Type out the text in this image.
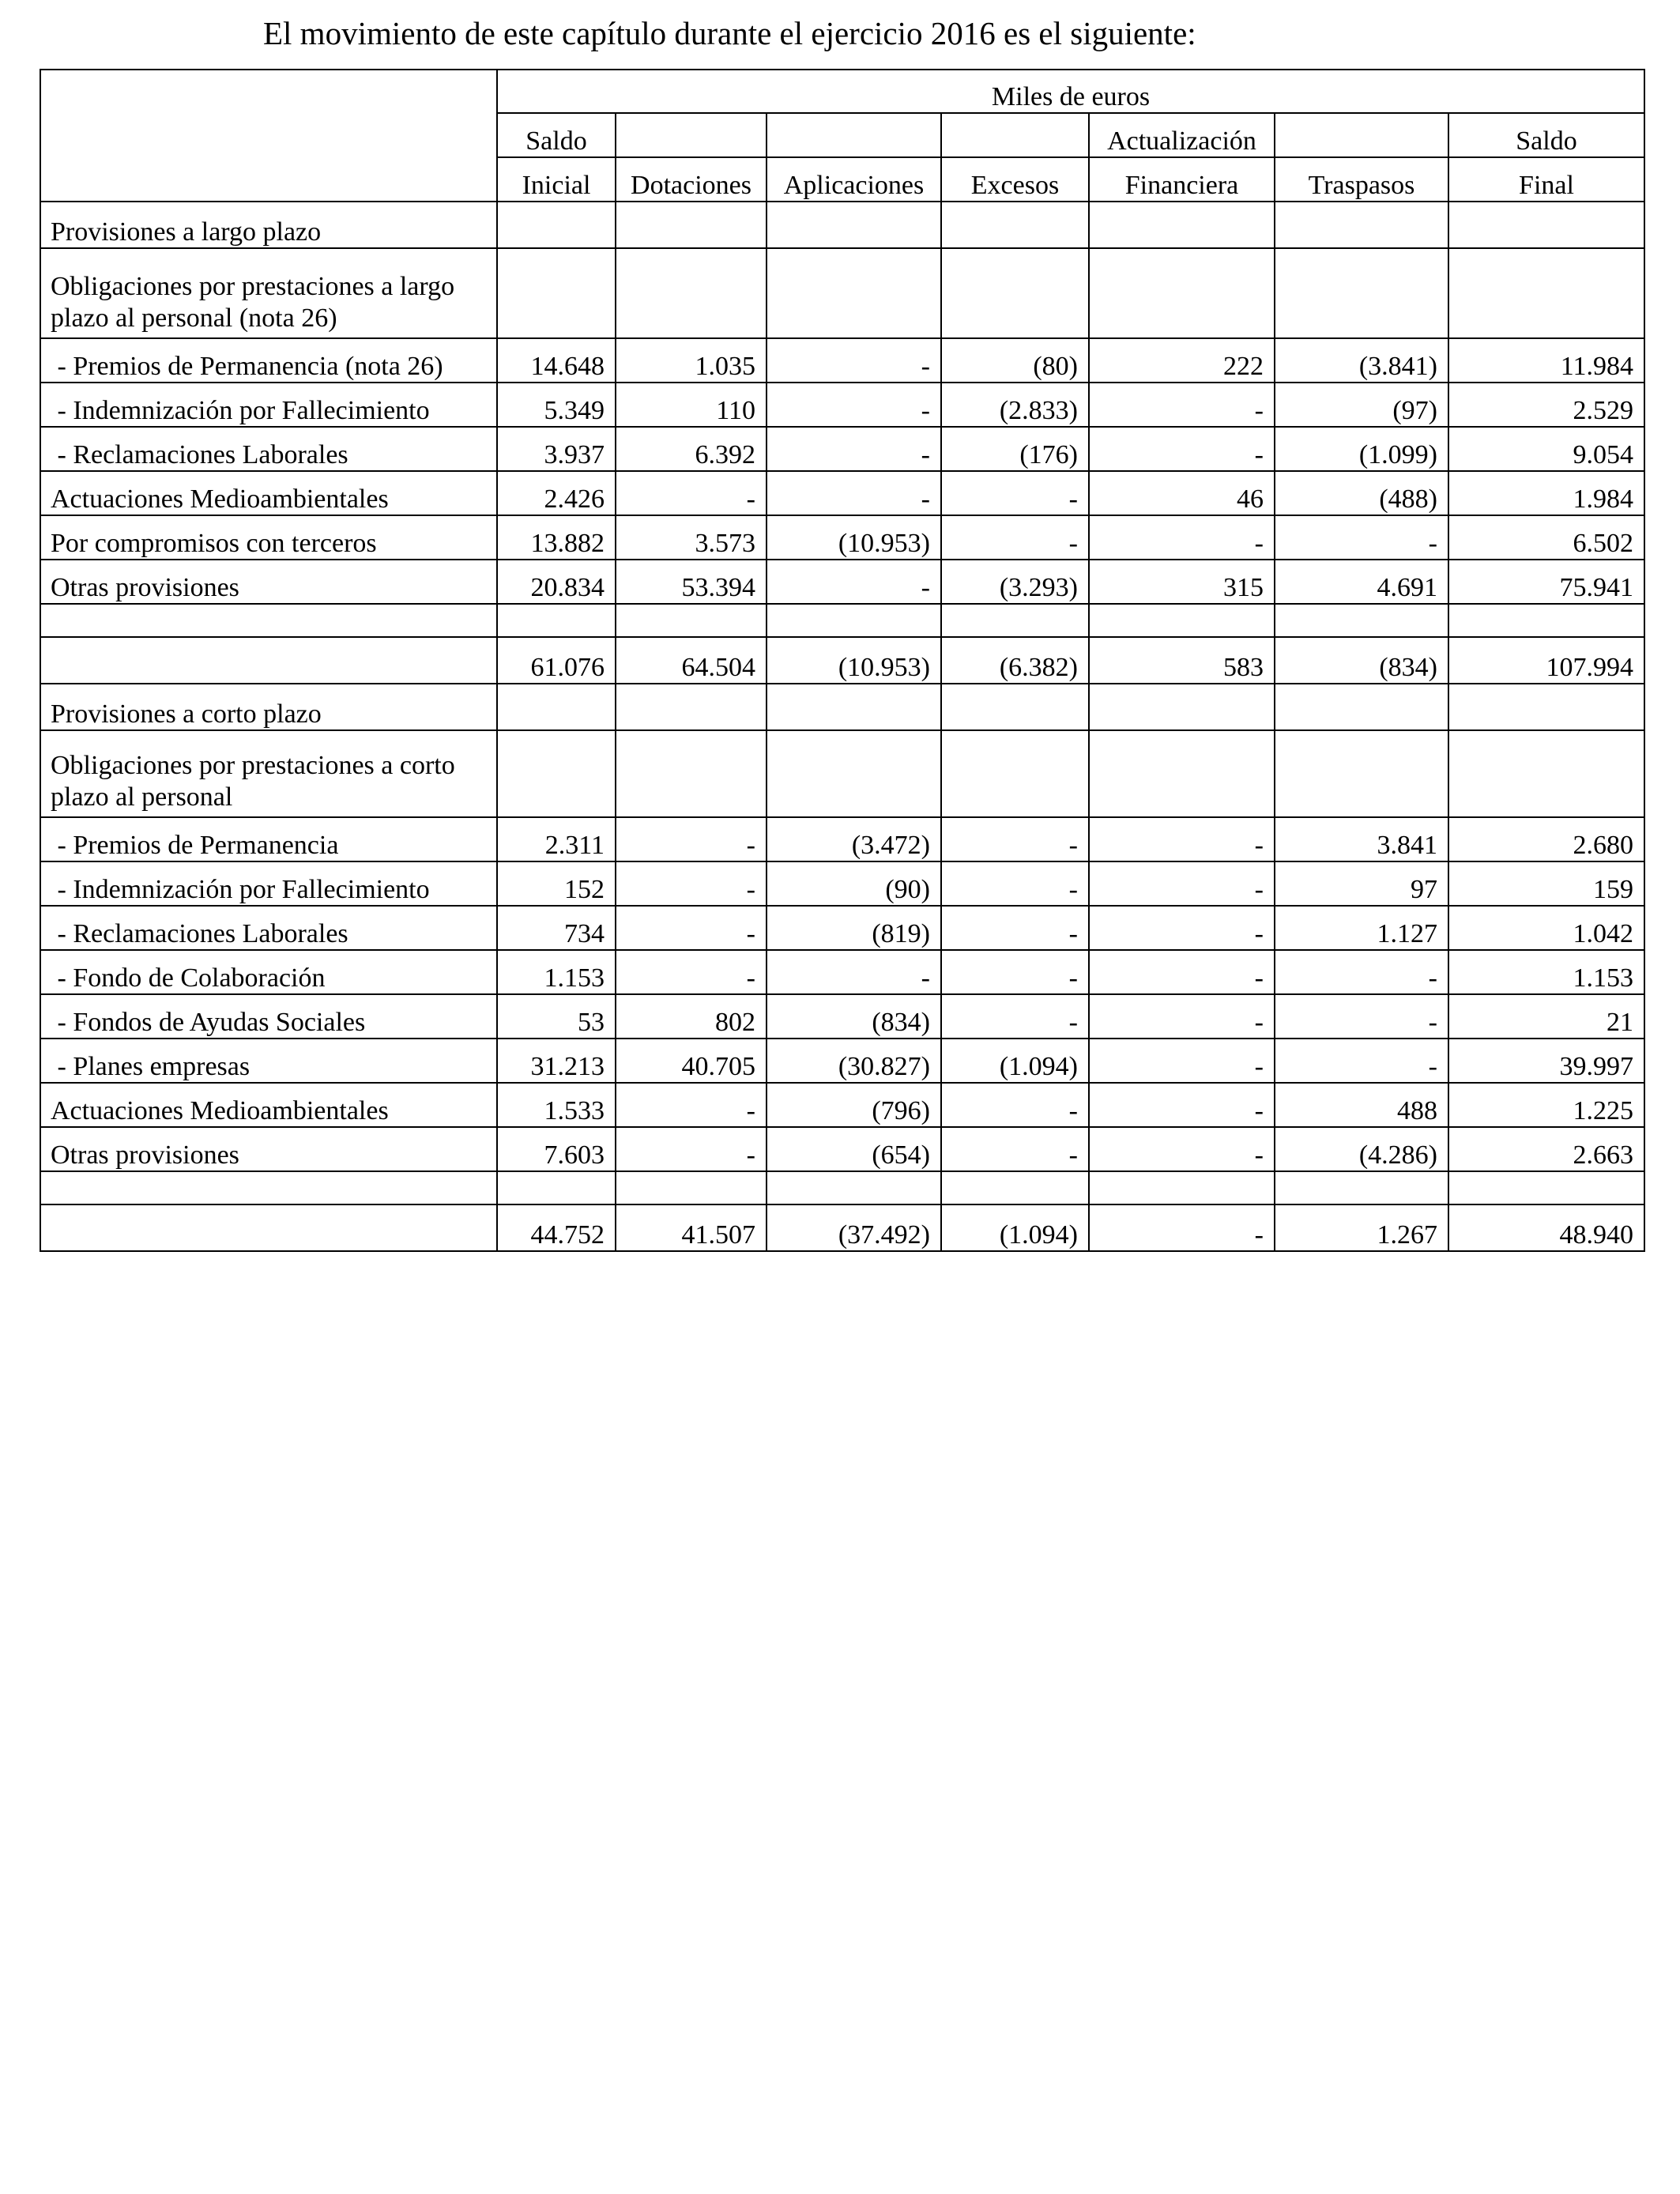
El movimiento de este capítulo durante el ejercicio 2016 es el siguiente:
	Miles de euros						
	Saldo				Actualización		Saldo
	Inicial	Dotaciones	Aplicaciones	Excesos	Financiera	Traspasos	Final
Provisiones a largo plazo							
Obligaciones por prestaciones a largo plazo al personal (nota 26)							
- Premios de Permanencia (nota 26)	14.648	1.035	-	(80)	222	(3.841)	11.984
- Indemnización por Fallecimiento	5.349	110	-	(2.833)	-	(97)	2.529
- Reclamaciones Laborales	3.937	6.392	-	(176)	-	(1.099)	9.054
Actuaciones Medioambientales	2.426	-	-	-	46	(488)	1.984
Por compromisos con terceros	13.882	3.573	(10.953)	-	-	-	6.502
Otras provisiones	20.834	53.394	-	(3.293)	315	4.691	75.941

	61.076	64.504	(10.953)	(6.382)	583	(834)	107.994
Provisiones a corto plazo							
Obligaciones por prestaciones a corto plazo al personal							
- Premios de Permanencia	2.311	-	(3.472)	-	-	3.841	2.680
- Indemnización por Fallecimiento	152	-	(90)	-	-	97	159
- Reclamaciones Laborales	734	-	(819)	-	-	1.127	1.042
- Fondo de Colaboración	1.153	-	-	-	-	-	1.153
- Fondos de Ayudas Sociales	53	802	(834)	-	-	-	21
- Planes empresas	31.213	40.705	(30.827)	(1.094)	-	-	39.997
Actuaciones Medioambientales	1.533	-	(796)	-	-	488	1.225
Otras provisiones	7.603	-	(654)	-	-	(4.286)	2.663

	44.752	41.507	(37.492)	(1.094)	-	1.267	48.940
